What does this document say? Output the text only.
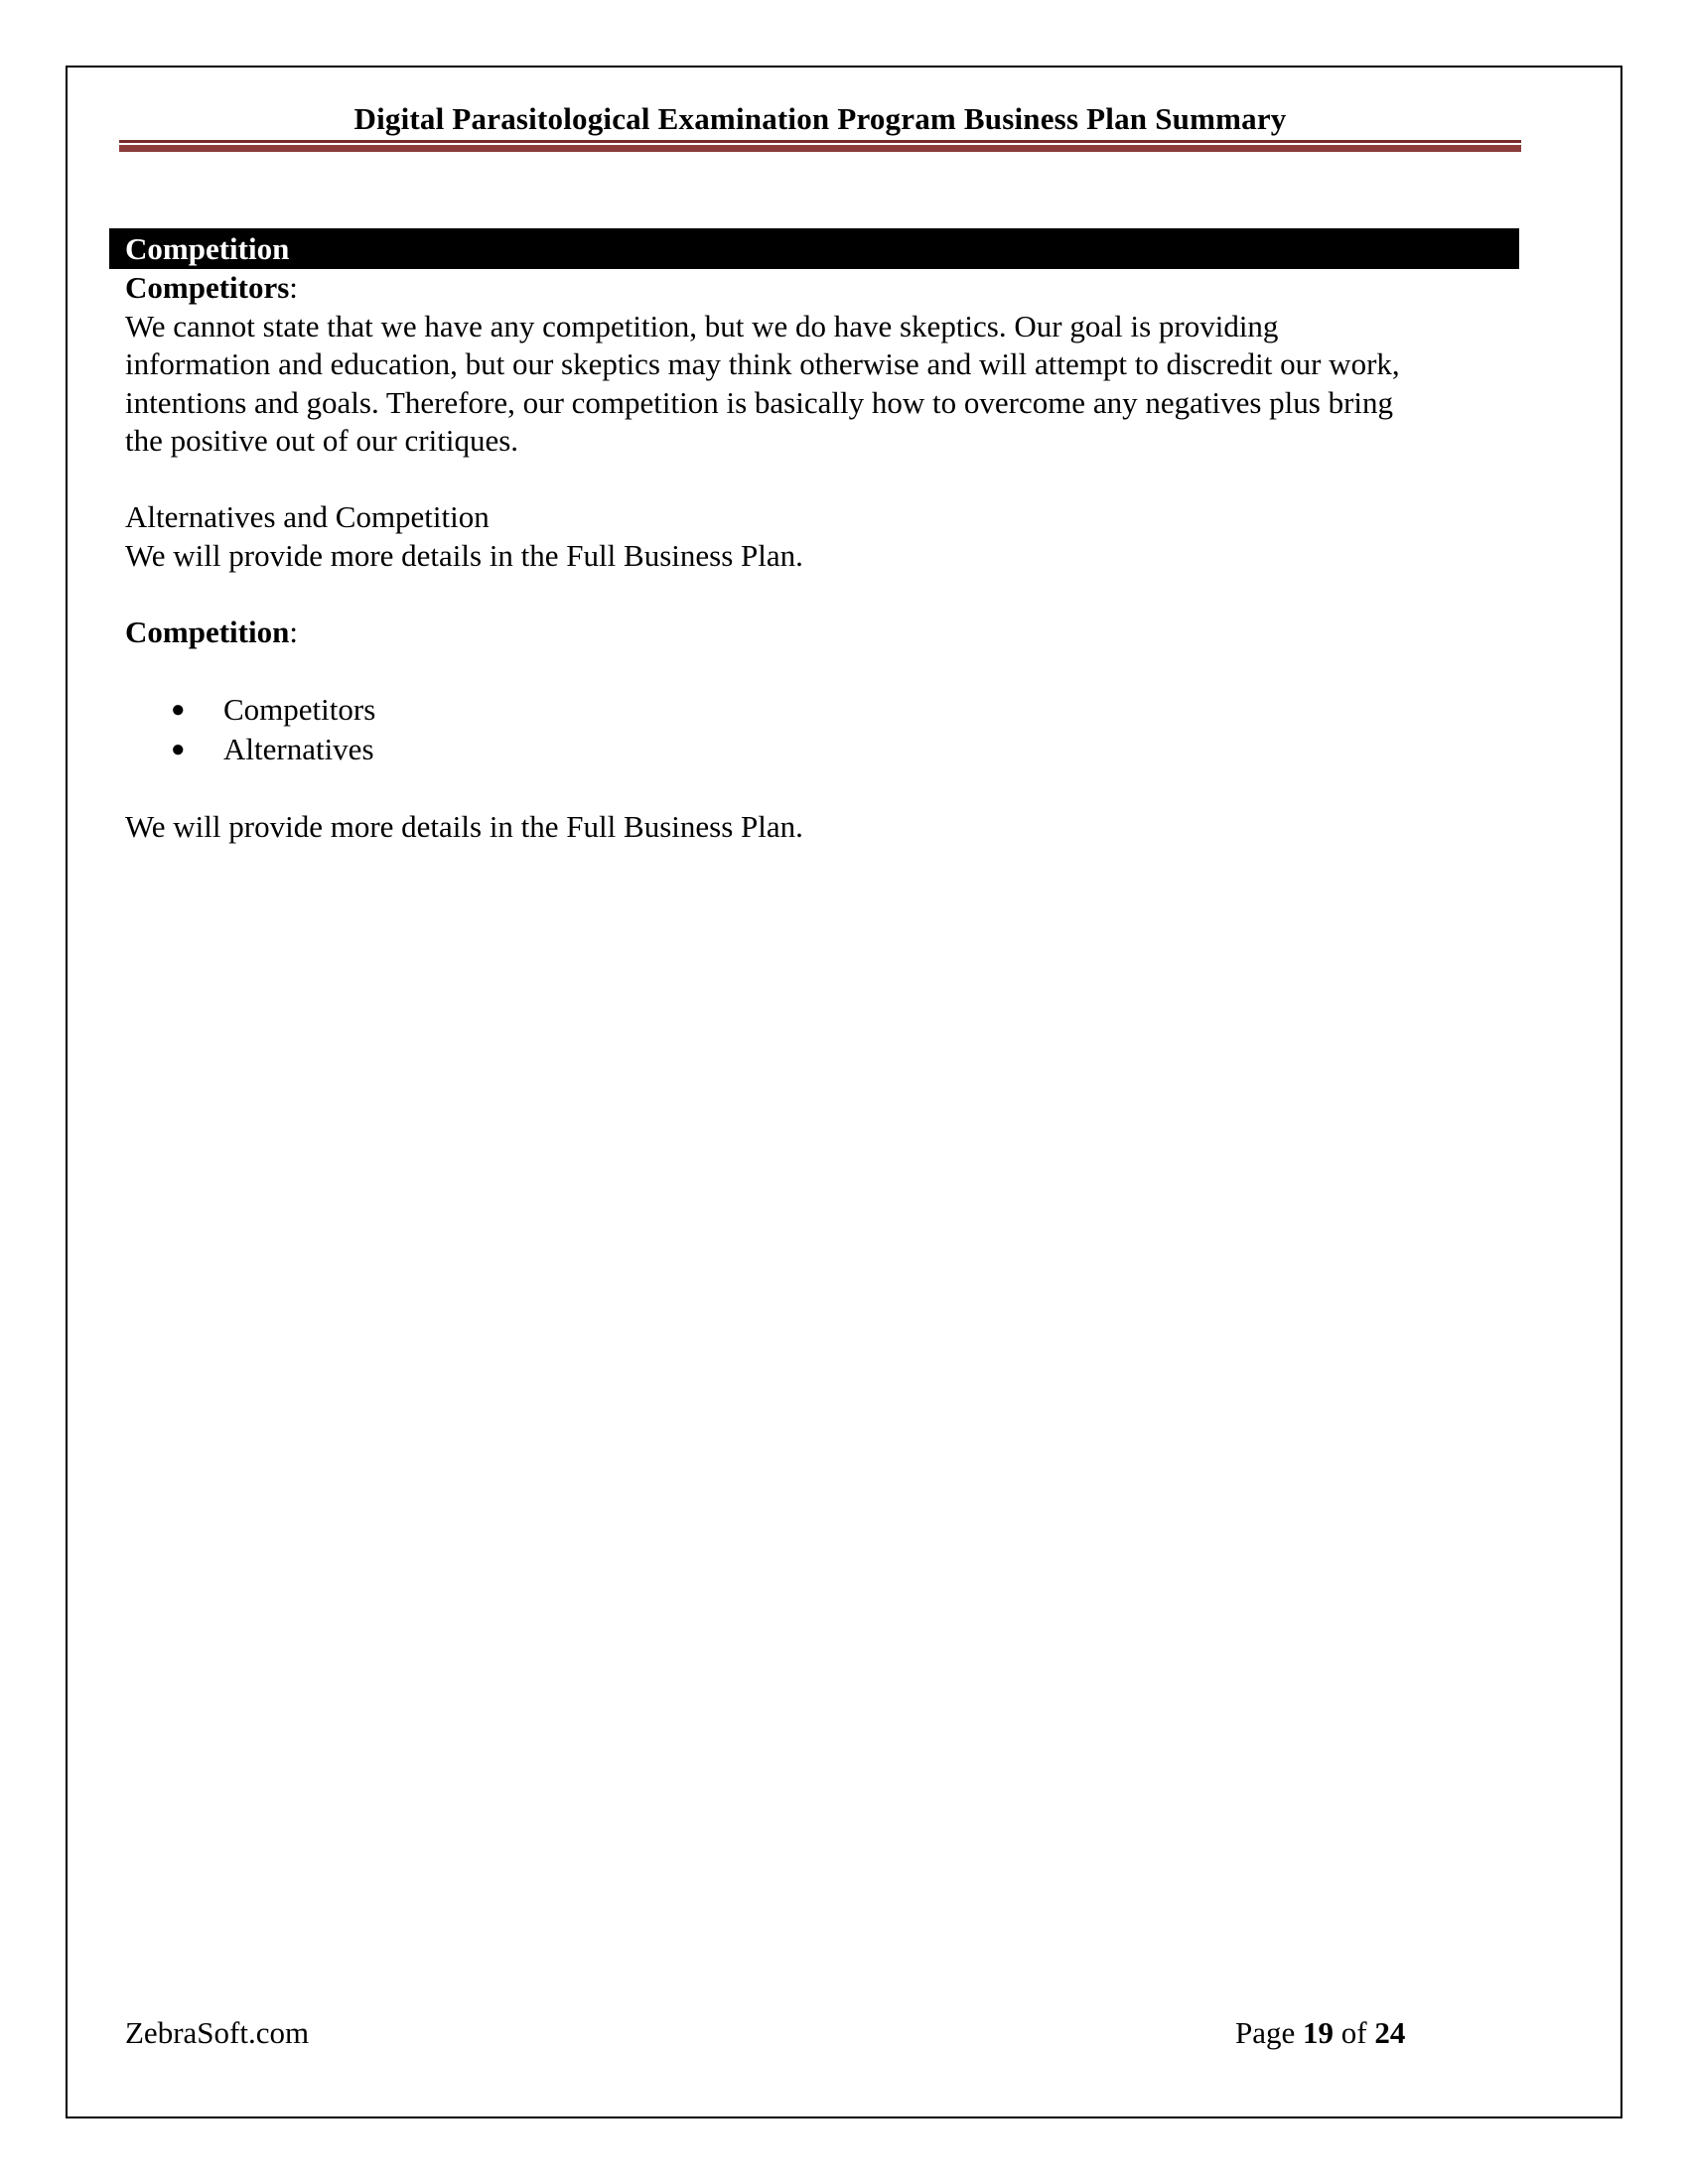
Digital Parasitological Examination Program Business Plan Summary
Competition

Competitors:

We cannot state that we have any competition, but we do have skeptics. Our goal is providing

information and education, but our skeptics may think otherwise and will attempt to discredit our work,

intentions and goals. Therefore, our competition is basically how to overcome any negatives plus bring

the positive out of our critiques.

Alternatives and Competition

We will provide more details in the Full Business Plan.

Competition:

● Competitors
● Alternatives

We will provide more details in the Full Business Plan.

ZebraSoft.com	Page 19 of 24
